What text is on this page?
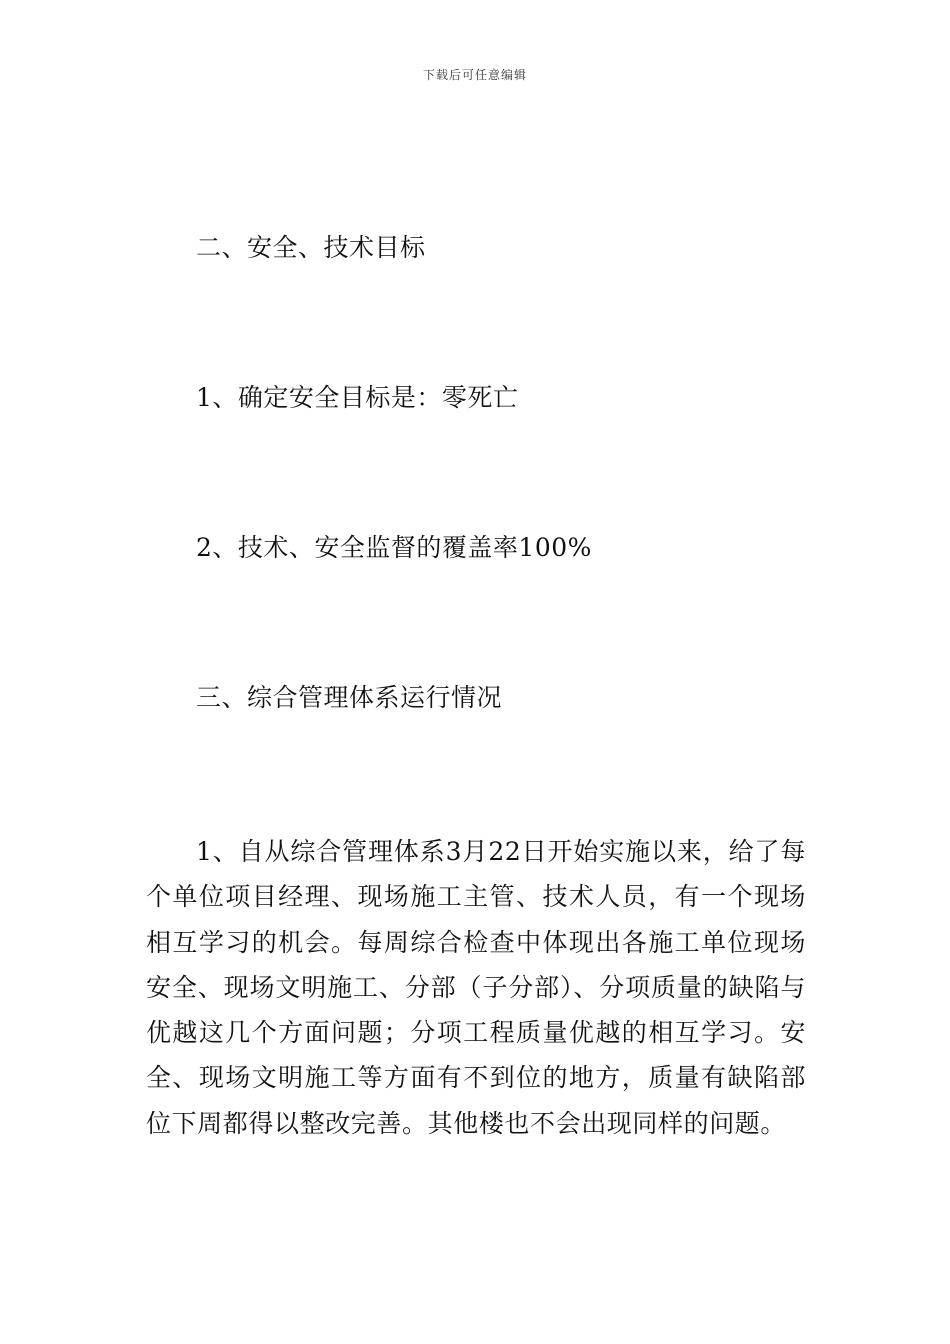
下载后可任意编辑
二、安全、技术目标
1、确定安全目标是：零死亡
2、技术、安全监督的覆盖率100%
三、综合管理体系运行情况

1、自从综合管理体系3月22日开始实施以来，给了每个单位项目经理、现场施工主管、技术人员，有一个现场相互学习的机会。每周综合检查中体现出各施工单位现场安全、现场文明施工、分部（子分部）、分项质量的缺陷与优越这几个方面问题；分项工程质量优越的相互学习。安全、现场文明施工等方面有不到位的地方，质量有缺陷部位下周都得以整改完善。其他楼也不会出现同样的问题。
